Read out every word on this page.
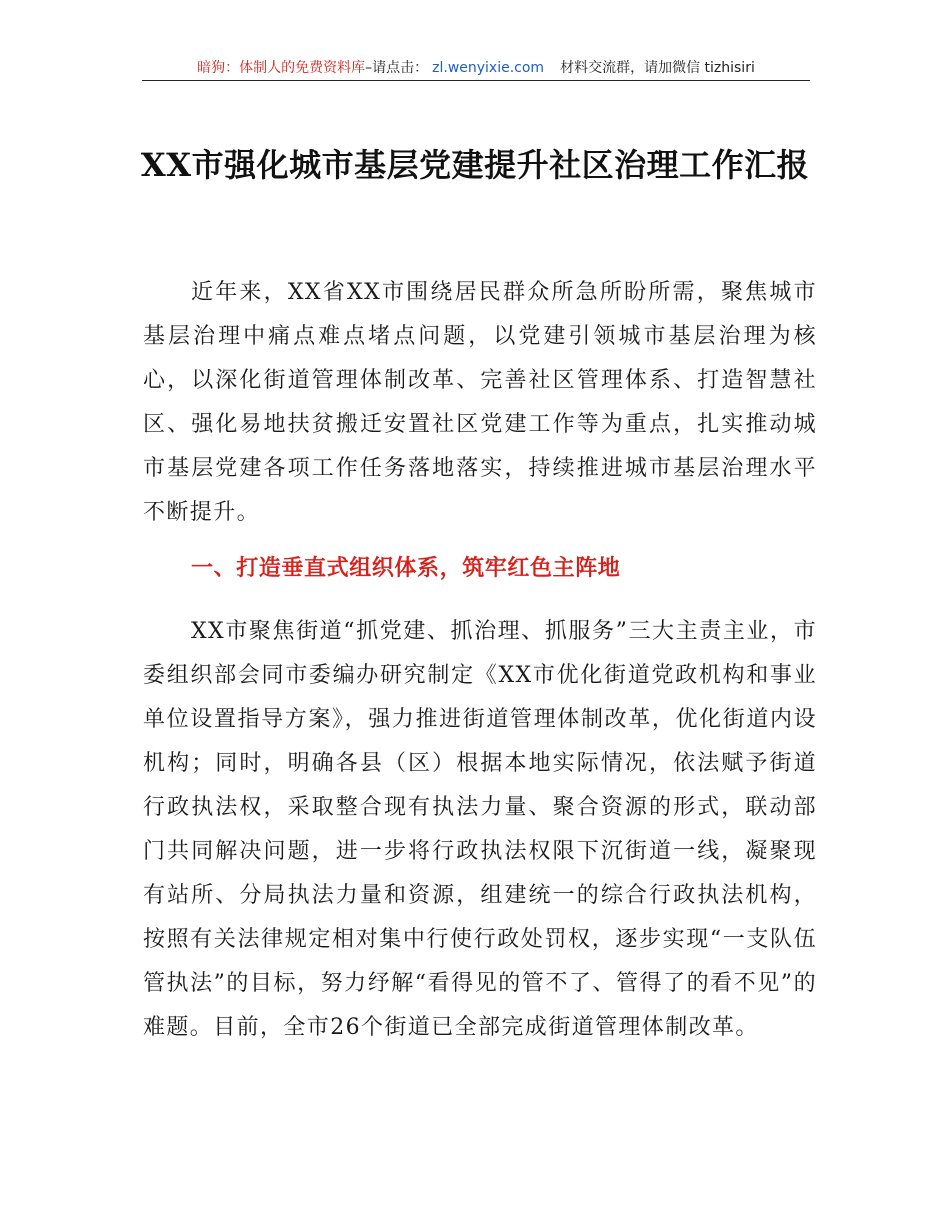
暗狗：体制人的免费资料库–请点击： zl.wenyixie.com 材料交流群，请加微信 tizhisiri
XX市强化城市基层党建提升社区治理工作汇报

近年来，XX省XX市围绕居民群众所急所盼所需，聚焦城市基层治理中痛点难点堵点问题，以党建引领城市基层治理为核心，以深化街道管理体制改革、完善社区管理体系、打造智慧社区、强化易地扶贫搬迁安置社区党建工作等为重点，扎实推动城市基层党建各项工作任务落地落实，持续推进城市基层治理水平不断提升。

一、打造垂直式组织体系，筑牢红色主阵地

XX市聚焦街道“抓党建、抓治理、抓服务”三大主责主业，市委组织部会同市委编办研究制定《XX市优化街道党政机构和事业单位设置指导方案》，强力推进街道管理体制改革，优化街道内设机构；同时，明确各县（区）根据本地实际情况，依法赋予街道行政执法权，采取整合现有执法力量、聚合资源的形式，联动部门共同解决问题，进一步将行政执法权限下沉街道一线，凝聚现有站所、分局执法力量和资源，组建统一的综合行政执法机构，按照有关法律规定相对集中行使行政处罚权，逐步实现“一支队伍管执法”的目标，努力纾解“看得见的管不了、管得了的看不见”的难题。目前，全市26个街道已全部完成街道管理体制改革。
